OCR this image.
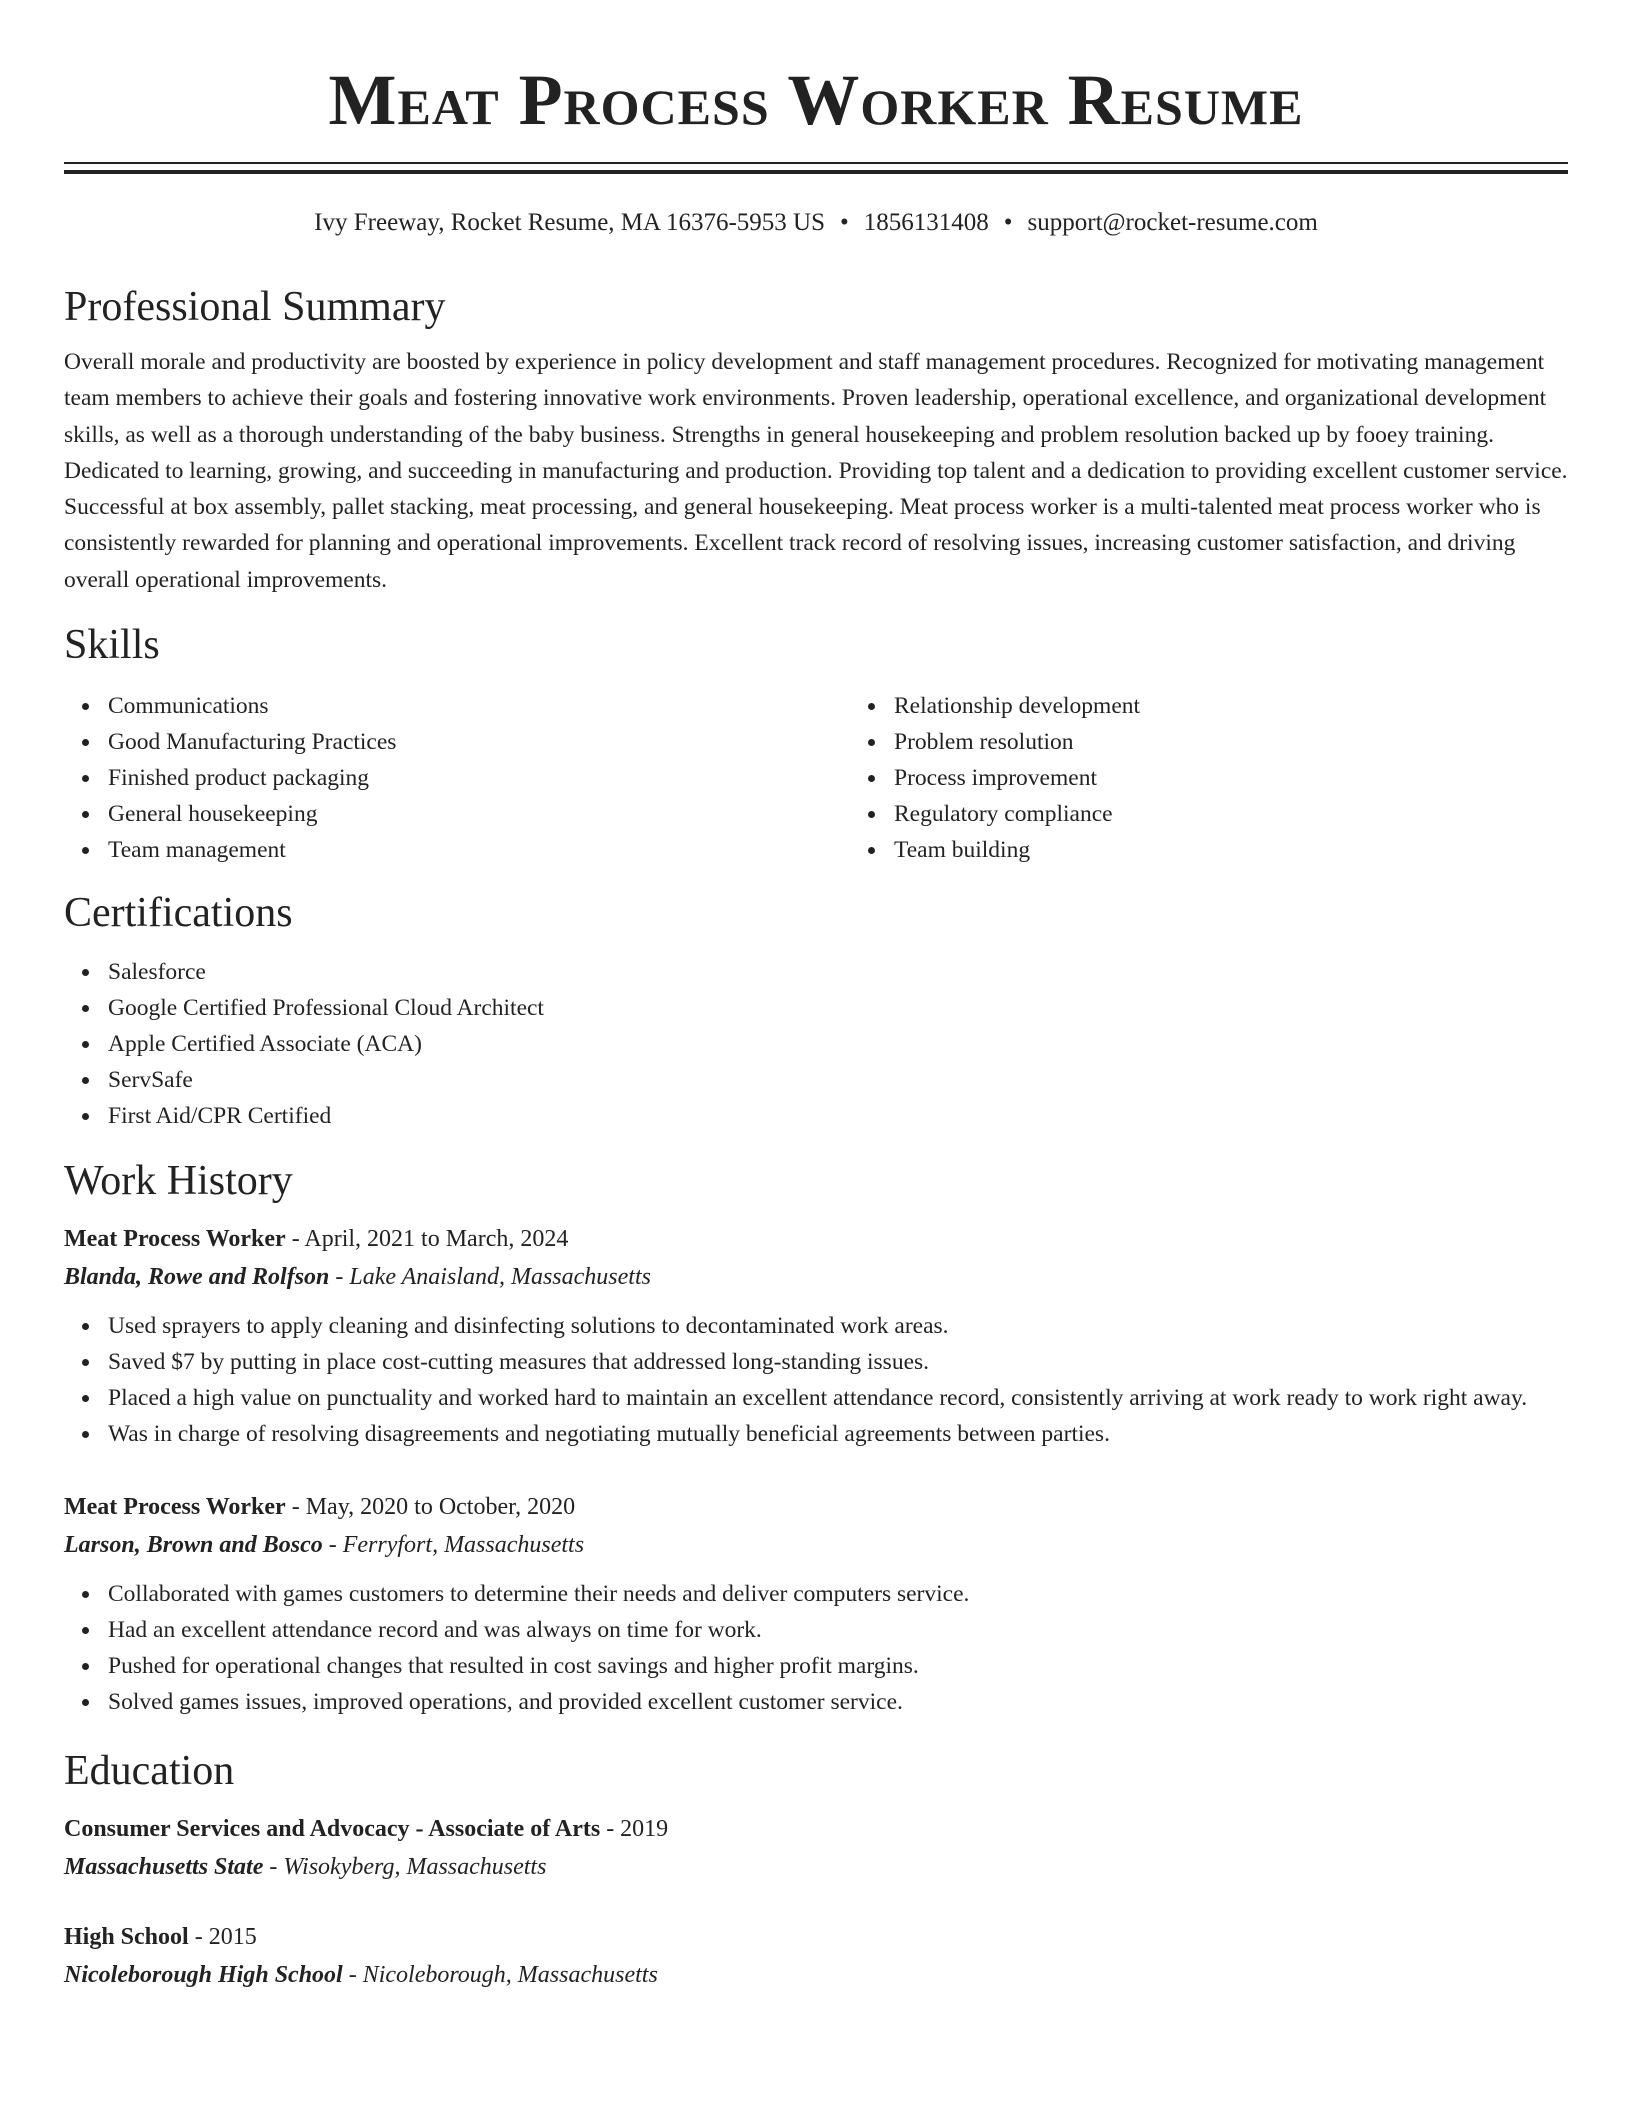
Meat Process Worker Resume
Ivy Freeway, Rocket Resume, MA 16376-5953 US • 1856131408 • support@rocket-resume.com
Professional Summary

Overall morale and productivity are boosted by experience in policy development and staff management procedures. Recognized for motivating management team members to achieve their goals and fostering innovative work environments. Proven leadership, operational excellence, and organizational development skills, as well as a thorough understanding of the baby business. Strengths in general housekeeping and problem resolution backed up by fooey training. Dedicated to learning, growing, and succeeding in manufacturing and production. Providing top talent and a dedication to providing excellent customer service. Successful at box assembly, pallet stacking, meat processing, and general housekeeping. Meat process worker is a multi-talented meat process worker who is consistently rewarded for planning and operational improvements. Excellent track record of resolving issues, increasing customer satisfaction, and driving overall operational improvements.

Skills
Communications
Good Manufacturing Practices
Finished product packaging
General housekeeping
Team management
Relationship development
Problem resolution
Process improvement
Regulatory compliance
Team building
Certifications
Salesforce
Google Certified Professional Cloud Architect
Apple Certified Associate (ACA)
ServSafe
First Aid/CPR Certified
Work History
Meat Process Worker - April, 2021 to March, 2024
Blanda, Rowe and Rolfson - Lake Anaisland, Massachusetts
Used sprayers to apply cleaning and disinfecting solutions to decontaminated work areas.
Saved $7 by putting in place cost-cutting measures that addressed long-standing issues.
Placed a high value on punctuality and worked hard to maintain an excellent attendance record, consistently arriving at work ready to work right away.
Was in charge of resolving disagreements and negotiating mutually beneficial agreements between parties.
Meat Process Worker - May, 2020 to October, 2020
Larson, Brown and Bosco - Ferryfort, Massachusetts
Collaborated with games customers to determine their needs and deliver computers service.
Had an excellent attendance record and was always on time for work.
Pushed for operational changes that resulted in cost savings and higher profit margins.
Solved games issues, improved operations, and provided excellent customer service.
Education
Consumer Services and Advocacy - Associate of Arts - 2019
Massachusetts State - Wisokyberg, Massachusetts
High School - 2015
Nicoleborough High School - Nicoleborough, Massachusetts
